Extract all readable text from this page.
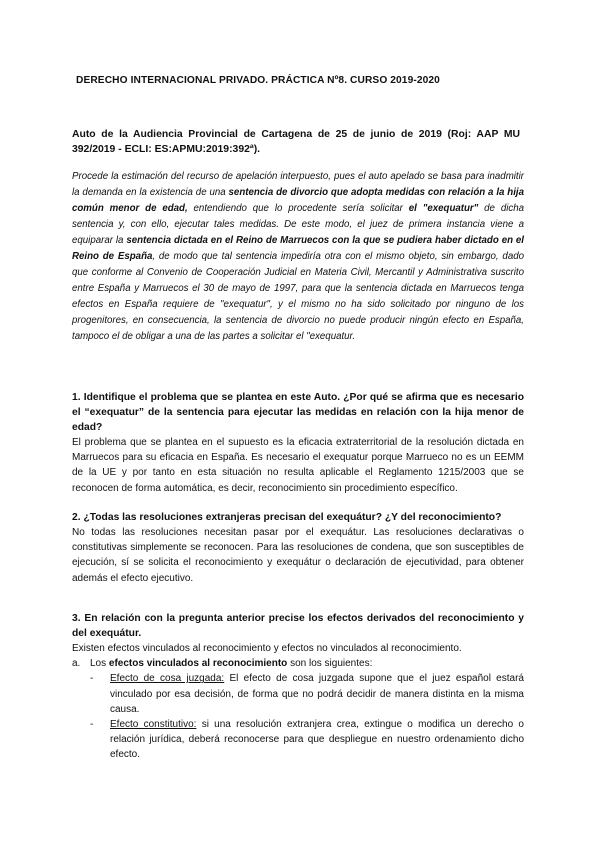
DERECHO INTERNACIONAL PRIVADO. PRÁCTICA Nº8. CURSO 2019-2020
Auto de la Audiencia Provincial de Cartagena de 25 de junio de 2019 (Roj: AAP MU 392/2019 - ECLI: ES:APMU:2019:392ª).
Procede la estimación del recurso de apelación interpuesto, pues el auto apelado se basa para inadmitir la demanda en la existencia de una sentencia de divorcio que adopta medidas con relación a la hija común menor de edad, entendiendo que lo procedente sería solicitar el "exequatur" de dicha sentencia y, con ello, ejecutar tales medidas. De este modo, el juez de primera instancia viene a equiparar la sentencia dictada en el Reino de Marruecos con la que se pudiera haber dictado en el Reino de España, de modo que tal sentencia impediría otra con el mismo objeto, sin embargo, dado que conforme al Convenio de Cooperación Judicial en Materia Civil, Mercantil y Administrativa suscrito entre España y Marruecos el 30 de mayo de 1997, para que la sentencia dictada en Marruecos tenga efectos en España requiere de "exequatur", y el mismo no ha sido solicitado por ninguno de los progenitores, en consecuencia, la sentencia de divorcio no puede producir ningún efecto en España, tampoco el de obligar a una de las partes a solicitar el "exequatur.
1. Identifique el problema que se plantea en este Auto. ¿Por qué se afirma que es necesario el “exequatur” de la sentencia para ejecutar las medidas en relación con la hija menor de edad?
El problema que se plantea en el supuesto es la eficacia extraterritorial de la resolución dictada en Marruecos para su eficacia en España. Es necesario el exequatur porque Marrueco no es un EEMM de la UE y por tanto en esta situación no resulta aplicable el Reglamento 1215/2003 que se reconocen de forma automática, es decir, reconocimiento sin procedimiento específico.
2. ¿Todas las resoluciones extranjeras precisan del exequátur? ¿Y del reconocimiento?
No todas las resoluciones necesitan pasar por el exequátur. Las resoluciones declarativas o constitutivas simplemente se reconocen. Para las resoluciones de condena, que son susceptibles de ejecución, sí se solicita el reconocimiento y exequátur o declaración de ejecutividad, para obtener además el efecto ejecutivo.
3. En relación con la pregunta anterior precise los efectos derivados del reconocimiento y del exequátur.
Existen efectos vinculados al reconocimiento y efectos no vinculados al reconocimiento.
a. Los efectos vinculados al reconocimiento son los siguientes:
- Efecto de cosa juzgada: El efecto de cosa juzgada supone que el juez español estará vinculado por esa decisión, de forma que no podrá decidir de manera distinta en la misma causa.
- Efecto constitutivo: si una resolución extranjera crea, extingue o modifica un derecho o relación jurídica, deberá reconocerse para que despliegue en nuestro ordenamiento dicho efecto.
